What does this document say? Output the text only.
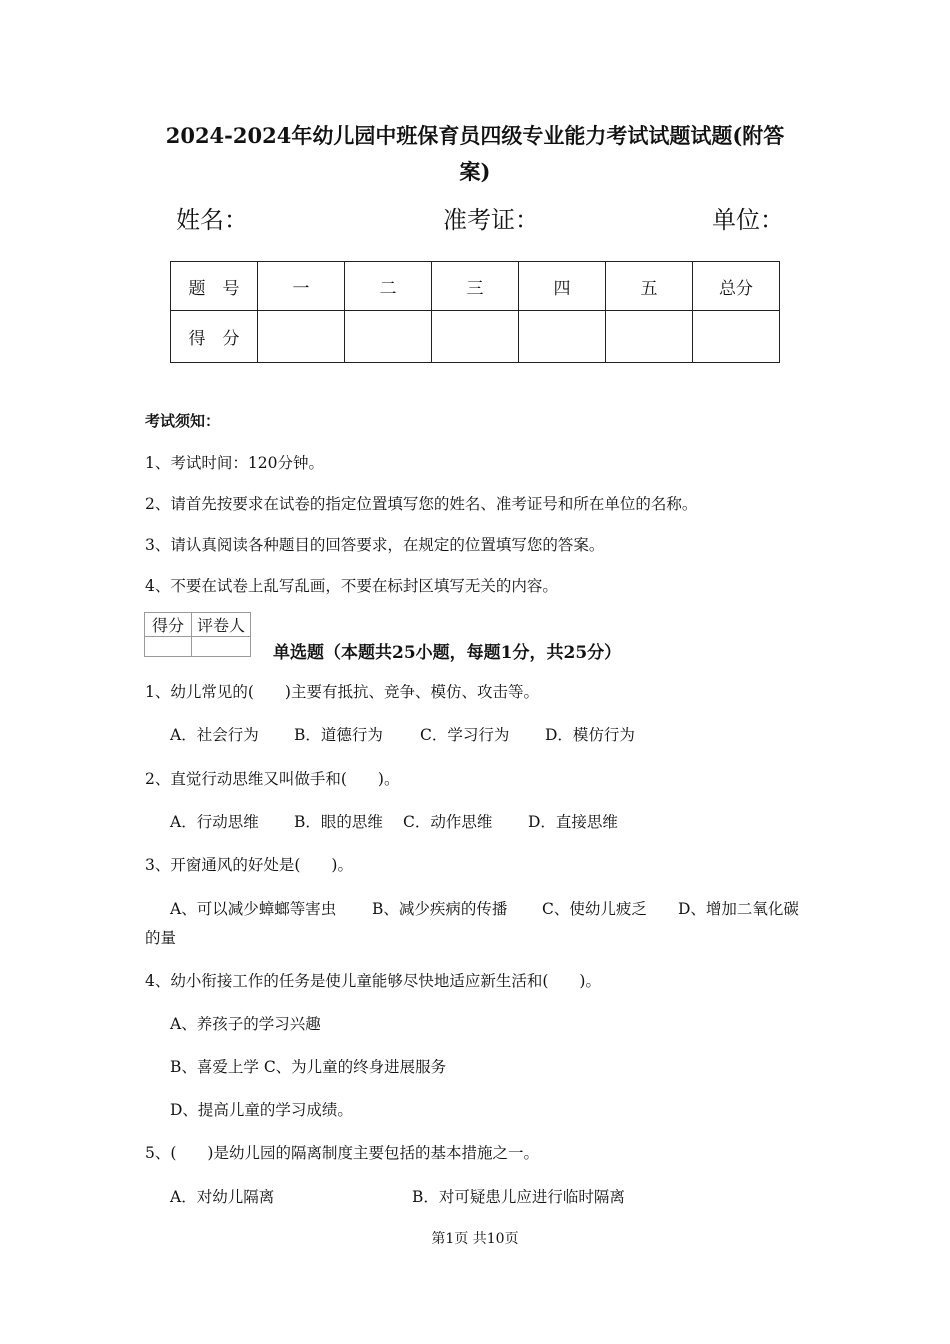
2024-2024年幼儿园中班保育员四级专业能力考试试题试题(附答
案)
姓名：	准考证：	单位：
题　号	一	二	三	四	五	总分
得　分						
考试须知：
1、考试时间：120分钟。
2、请首先按要求在试卷的指定位置填写您的姓名、准考证号和所在单位的名称。
3、请认真阅读各种题目的回答要求，在规定的位置填写您的答案。
4、不要在试卷上乱写乱画，不要在标封区填写无关的内容。
得分	评卷人

单选题（本题共25小题，每题1分，共25分）
1、幼儿常见的(　　)主要有抵抗、竞争、模仿、攻击等。
A．社会行为 B．道德行为 C．学习行为 D．模仿行为
2、直觉行动思维又叫做手和(　　)。
A．行动思维 B．眼的思维 C．动作思维 D．直接思维
3、开窗通风的好处是(　　)。
A、可以减少蟑螂等害虫 B、减少疾病的传播 C、使幼儿疲乏 D、增加二氧化碳
的量
4、幼小衔接工作的任务是使儿童能够尽快地适应新生活和(　　)。
A、养孩子的学习兴趣
B、喜爱上学 C、为儿童的终身进展服务
D、提高儿童的学习成绩。
5、(　　)是幼儿园的隔离制度主要包括的基本措施之一。
A．对幼儿隔离	B．对可疑患儿应进行临时隔离
第1页 共10页
